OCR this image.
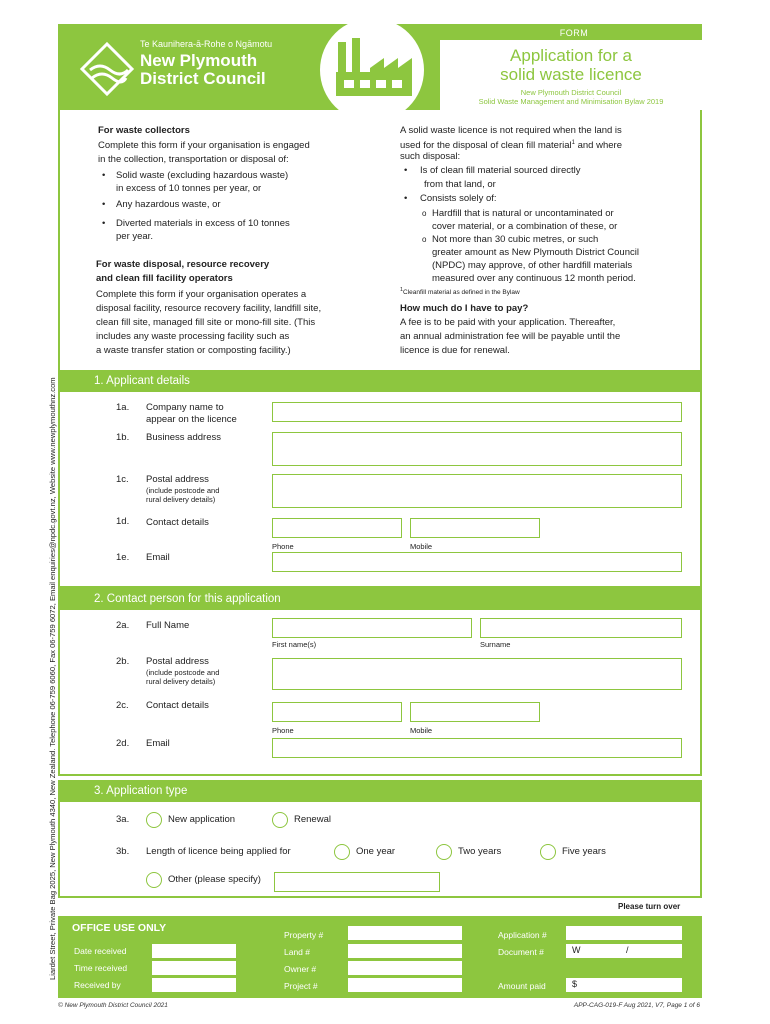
Liardet Street, Private Bag 2025, New Plymouth 4340, New Zealand. Telephone 06-759 6060, Fax 06-759 6072, Email enquiries@npdc.govt.nz, Website www.newplymouthnz.com
Te Kaunihera-ā-Rohe o Ngāmotu
New Plymouth
District Council
FORM
Application for a
solid waste licence
New Plymouth District Council
Solid Waste Management and Minimisation Bylaw 2019
For waste collectors
Complete this form if your organisation is engaged
in the collection, transportation or disposal of:
• Solid waste (excluding hazardous waste)
in excess of 10 tonnes per year, or
• Any hazardous waste, or
• Diverted materials in excess of 10 tonnes
per year.
For waste disposal, resource recovery
and clean fill facility operators
Complete this form if your organisation operates a
disposal facility, resource recovery facility, landfill site,
clean fill site, managed fill site or mono-fill site. (This
includes any waste processing facility such as
a waste transfer station or composting facility.)
A solid waste licence is not required when the land is
used for the disposal of clean fill material$^1$ and where
such disposal:
• Is of clean fill material sourced directly
from that land, or
• Consists solely of:
o Hardfill that is natural or uncontaminated or
cover material, or a combination of these, or
o Not more than 30 cubic metres, or such
greater amount as New Plymouth District Council
(NPDC) may approve, of other hardfill materials
measured over any continuous 12 month period.
$^1$Cleanfill material as defined in the Bylaw
How much do I have to pay?
A fee is to be paid with your application. Thereafter,
an annual administration fee will be payable until the
licence is due for renewal.
1. Applicant details
1a. Company name to
appear on the licence
1b. Business address
1c. Postal address
(include postcode and
rural delivery details)
1d. Contact details
Phone	Mobile
1e. Email
2. Contact person for this application
2a. Full Name
First name(s)	Surname
2b. Postal address
(include postcode and
rural delivery details)
2c. Contact details
Phone	Mobile
2d. Email
3. Application type
3a.	New application	Renewal
3b. Length of licence being applied for	One year	Two years	Five years
Other (please specify)
Please turn over
OFFICE USE ONLY
Date received
Time received
Received by
Property #
Land #
Owner #
Project #
Application #
Document #	W	/
Amount paid	$
© New Plymouth District Council 2021	APP-CAG-019-F Aug 2021, V7, Page 1 of 6
